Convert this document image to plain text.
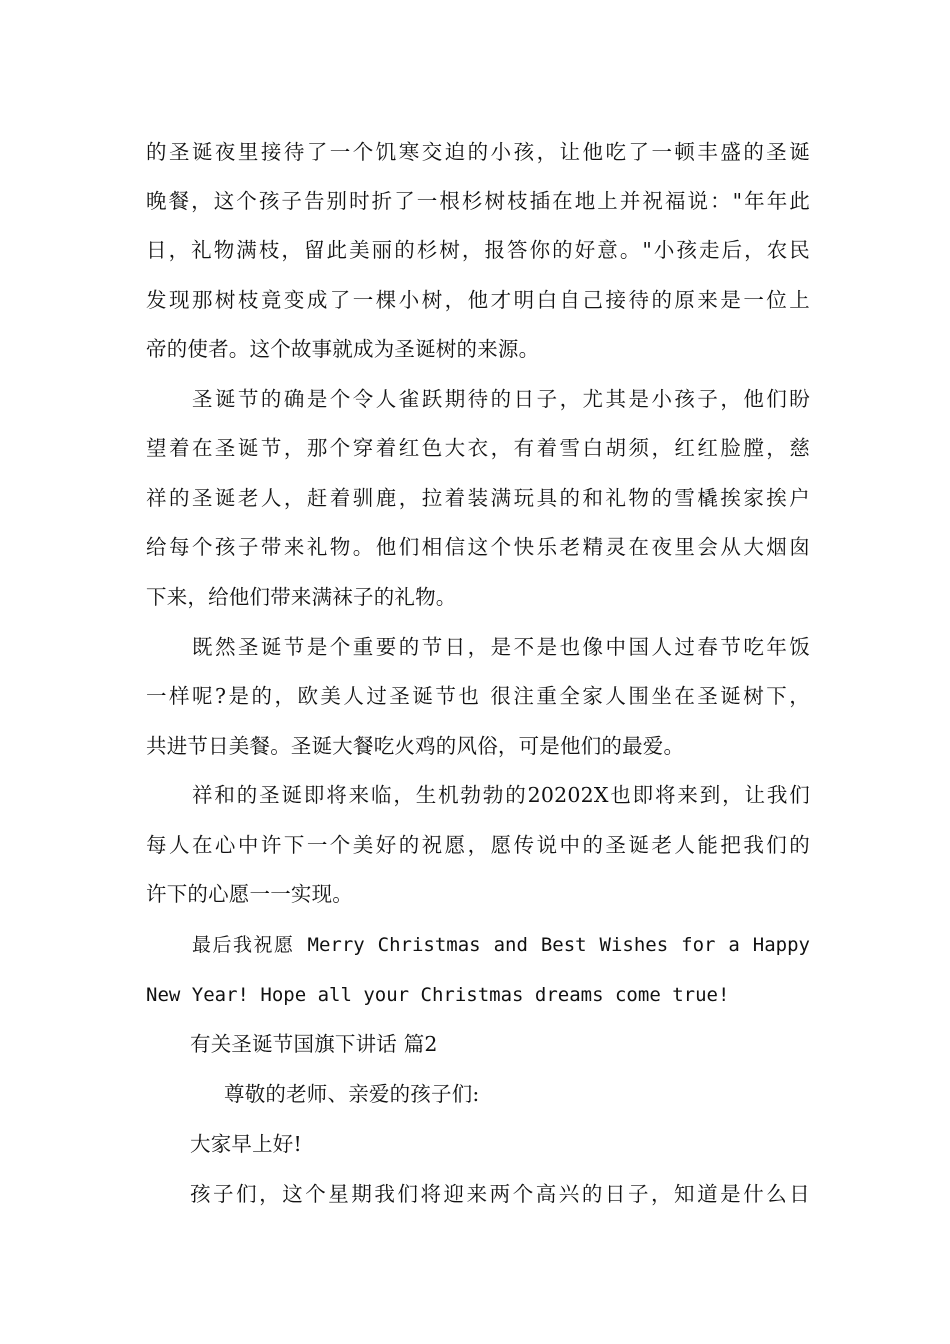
的圣诞夜里接待了一个饥寒交迫的小孩，让他吃了一顿丰盛的圣诞
晚餐，这个孩子告别时折了一根杉树枝插在地上并祝福说："年年此
日，礼物满枝，留此美丽的杉树，报答你的好意。"小孩走后，农民
发现那树枝竟变成了一棵小树，他才明白自己接待的原来是一位上
帝的使者。这个故事就成为圣诞树的来源。
圣诞节的确是个令人雀跃期待的日子，尤其是小孩子，他们盼
望着在圣诞节，那个穿着红色大衣，有着雪白胡须，红红脸膛，慈
祥的圣诞老人，赶着驯鹿，拉着装满玩具的和礼物的雪橇挨家挨户
给每个孩子带来礼物。他们相信这个快乐老精灵在夜里会从大烟囱
下来，给他们带来满袜子的礼物。
既然圣诞节是个重要的节日，是不是也像中国人过春节吃年饭
一样呢?是的，欧美人过圣诞节也 很注重全家人围坐在圣诞树下，
共进节日美餐。圣诞大餐吃火鸡的风俗，可是他们的最爱。
祥和的圣诞即将来临，生机勃勃的20202X也即将来到，让我们
每人在心中许下一个美好的祝愿，愿传说中的圣诞老人能把我们的
许下的心愿一一实现。
最后我祝愿 Merry Christmas and Best Wishes for a Happy
New Year! Hope all your Christmas dreams come true!
有关圣诞节国旗下讲话 篇2
尊敬的老师、亲爱的孩子们:
大家早上好!
孩子们，这个星期我们将迎来两个高兴的日子，知道是什么日
